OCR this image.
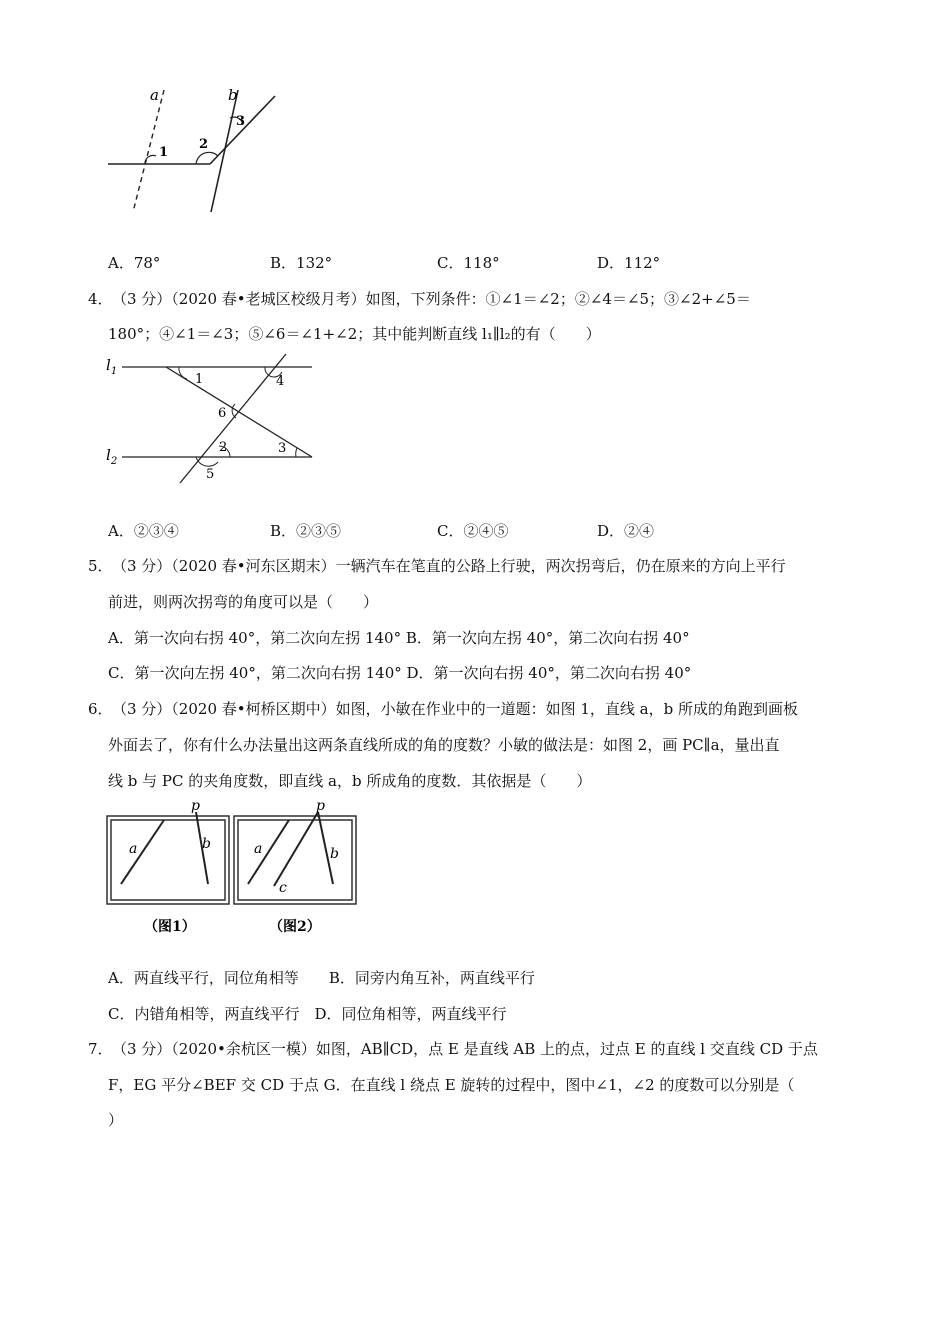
a	b
1
2
3
A．78°	B．132°	C．118°	D．112°
4． （3 分）（2020 春•老城区校级月考）如图，下列条件：①∠1＝∠2；②∠4＝∠5；③∠2+∠5＝
180°；④∠1＝∠3；⑤∠6＝∠1+∠2；其中能判断直线 l₁∥l₂的有（　　）
$l_1$
$l_2$
1	4
6
2	3
5
A．②③④	B．②③⑤	C．②④⑤	D．②④
5． （3 分）（2020 春•河东区期末）一辆汽车在笔直的公路上行驶，两次拐弯后，仍在原来的方向上平行
前进，则两次拐弯的角度可以是（　　）
A．第一次向右拐 40°，第二次向左拐 140° B．第一次向左拐 40°，第二次向右拐 40°
C．第一次向左拐 40°，第二次向右拐 140° D．第一次向右拐 40°，第二次向右拐 40°
6． （3 分）（2020 春•柯桥区期中）如图，小敏在作业中的一道题：如图 1，直线 a，b 所成的角跑到画板
外面去了，你有什么办法量出这两条直线所成的角的度数？小敏的做法是：如图 2，画 PC∥a，量出直
线 b 与 PC 的夹角度数，即直线 a，b 所成角的度数．其依据是（　　）
p
a	b
p
a	b
c
（图1）	（图2）
A．两直线平行，同位角相等　　B．同旁内角互补，两直线平行
C．内错角相等，两直线平行　D．同位角相等，两直线平行
7． （3 分）（2020•余杭区一模）如图，AB∥CD，点 E 是直线 AB 上的点，过点 E 的直线 l 交直线 CD 于点
F，EG 平分∠BEF 交 CD 于点 G．在直线 l 绕点 E 旋转的过程中，图中∠1，∠2 的度数可以分别是（
）
